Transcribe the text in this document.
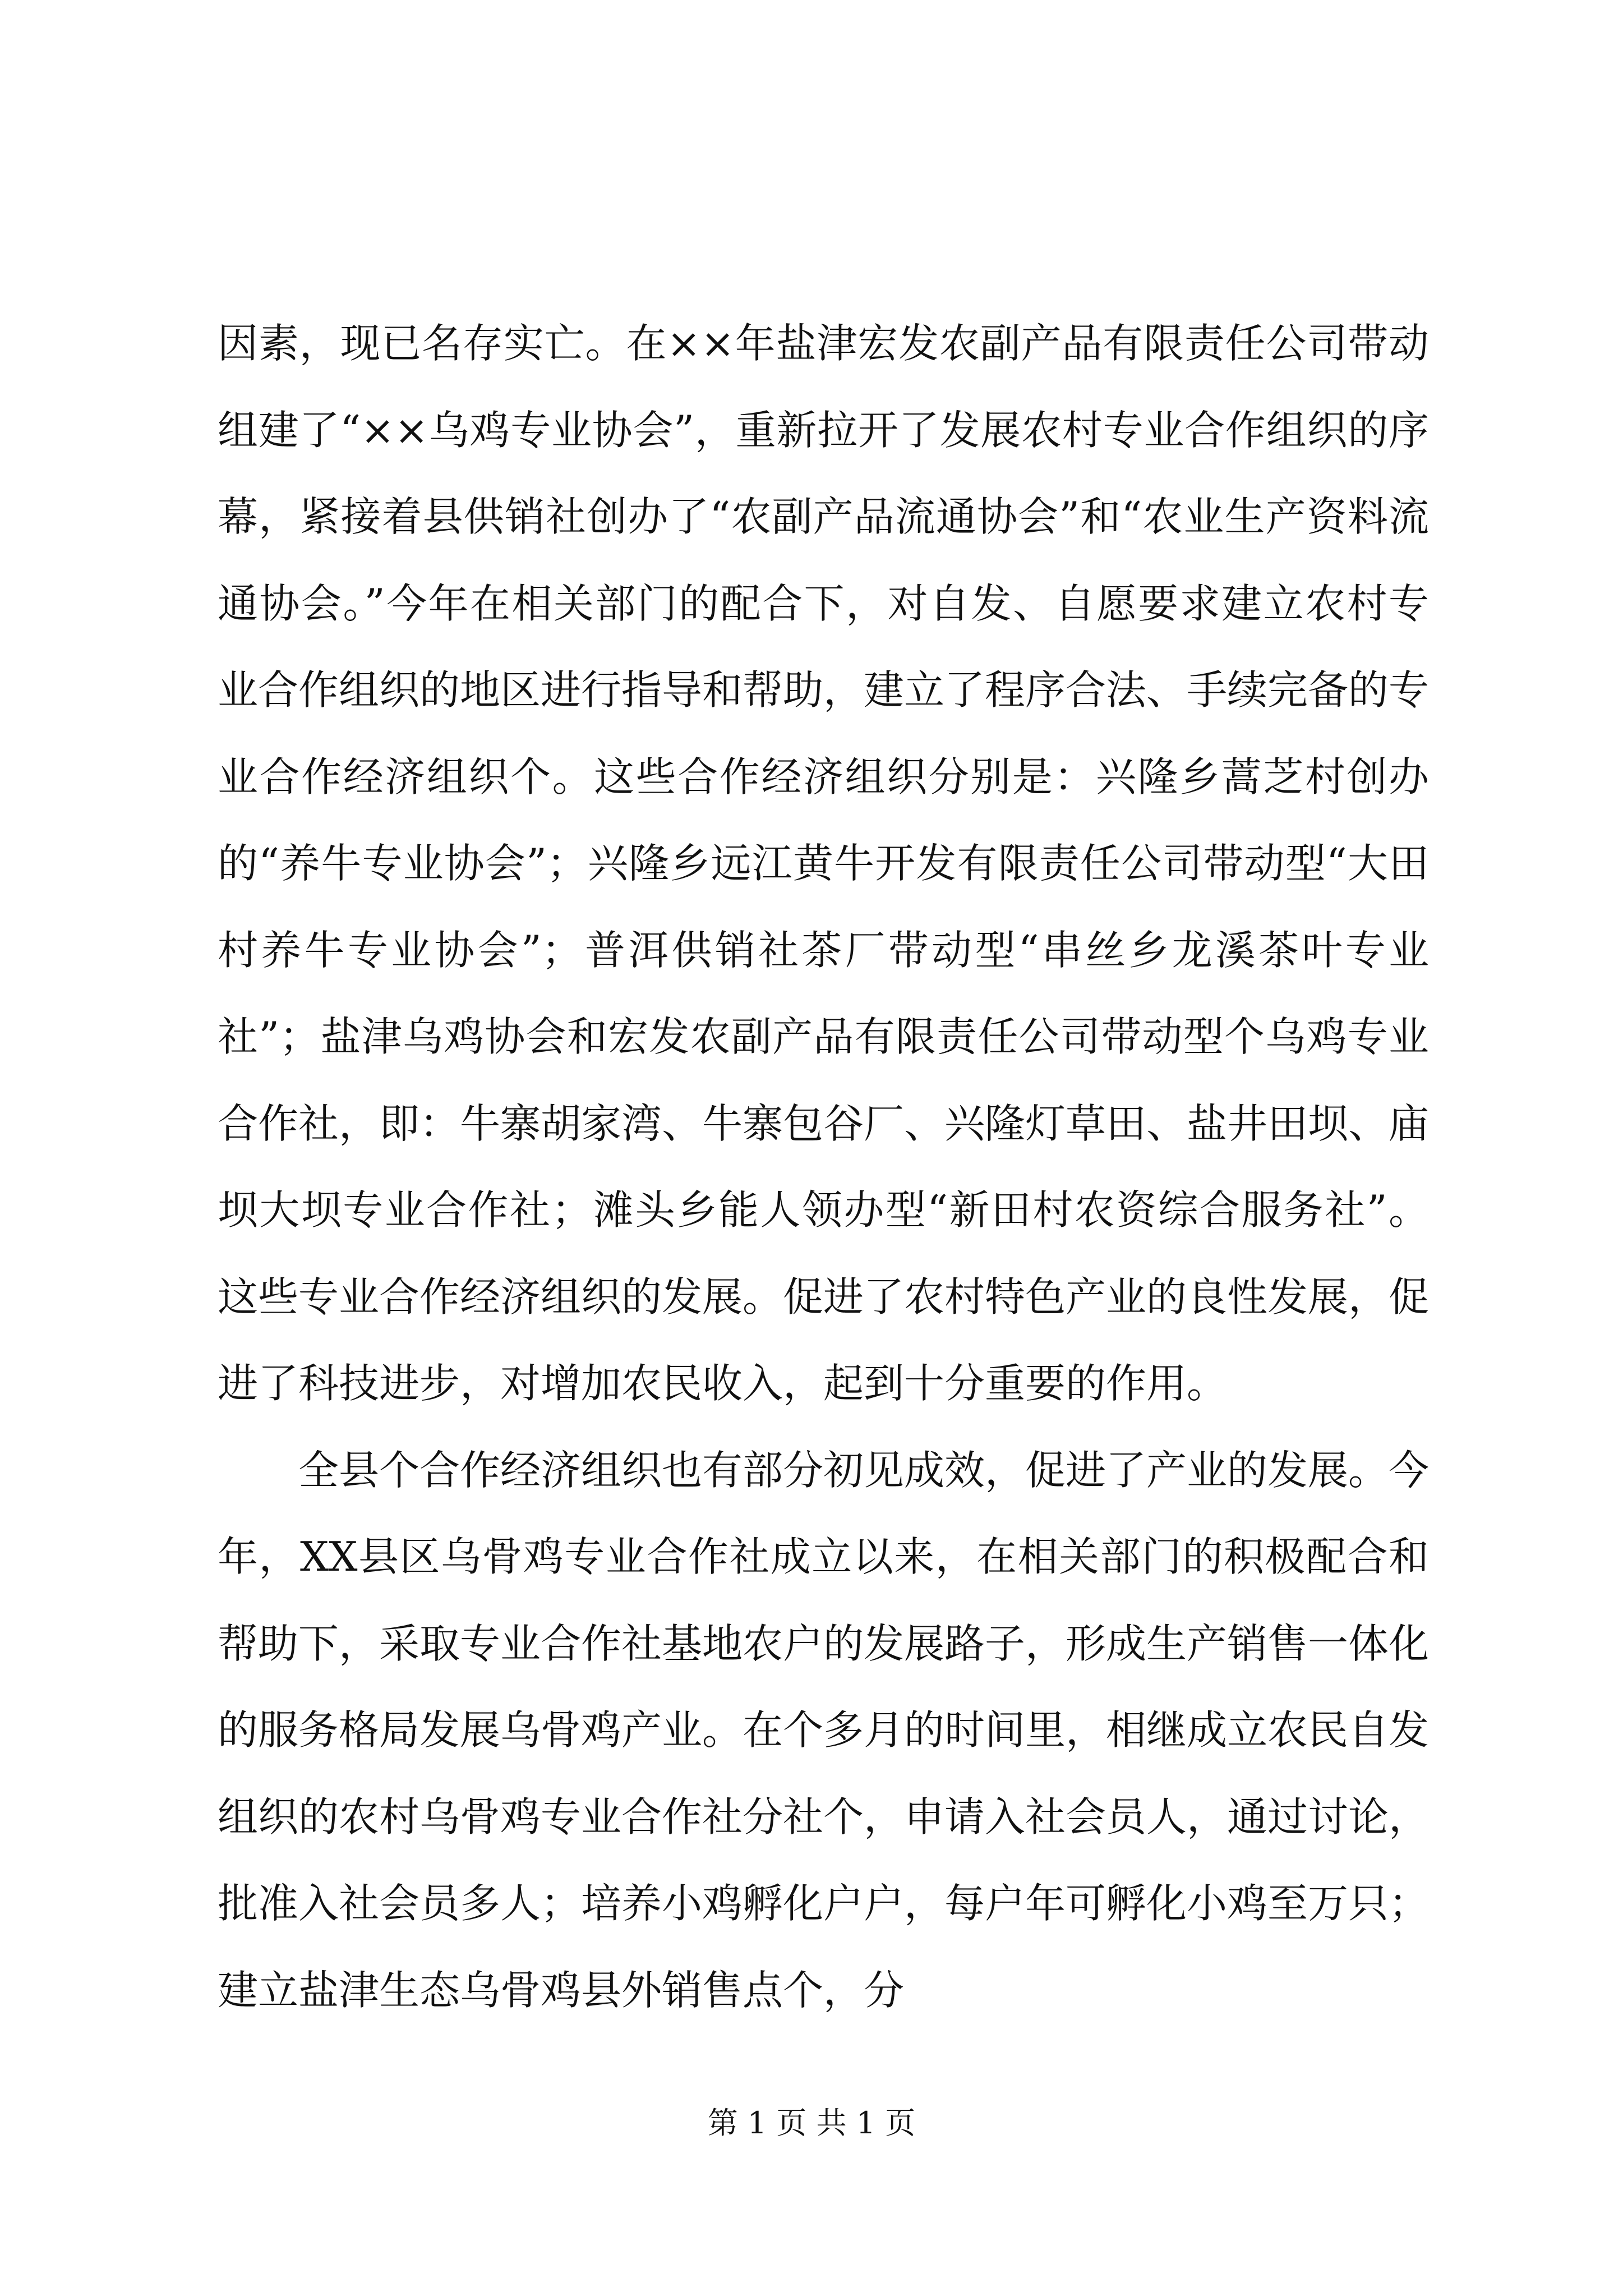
因素，现已名存实亡。在××年盐津宏发农副产品有限责任公司带动组建了“××乌鸡专业协会”，重新拉开了发展农村专业合作组织的序幕，紧接着县供销社创办了“农副产品流通协会”和“农业生产资料流通协会。”今年在相关部门的配合下，对自发、自愿要求建立农村专业合作组织的地区进行指导和帮助，建立了程序合法、手续完备的专业合作经济组织个。这些合作经济组织分别是：兴隆乡蒿芝村创办的“养牛专业协会”；兴隆乡远江黄牛开发有限责任公司带动型“大田村养牛专业协会”；普洱供销社茶厂带动型“串丝乡龙溪茶叶专业社”；盐津乌鸡协会和宏发农副产品有限责任公司带动型个乌鸡专业合作社，即：牛寨胡家湾、牛寨包谷厂、兴隆灯草田、盐井田坝、庙坝大坝专业合作社；滩头乡能人领办型“新田村农资综合服务社”。这些专业合作经济组织的发展。促进了农村特色产业的良性发展，促进了科技进步，对增加农民收入，起到十分重要的作用。

全县个合作经济组织也有部分初见成效，促进了产业的发展。今年，XX县区乌骨鸡专业合作社成立以来，在相关部门的积极配合和帮助下，采取专业合作社基地农户的发展路子，形成生产销售一体化的服务格局发展乌骨鸡产业。在个多月的时间里，相继成立农民自发组织的农村乌骨鸡专业合作社分社个，申请入社会员人，通过讨论，批准入社会员多人；培养小鸡孵化户户，每户年可孵化小鸡至万只；建立盐津生态乌骨鸡县外销售点个，分

第 1 页 共 1 页
